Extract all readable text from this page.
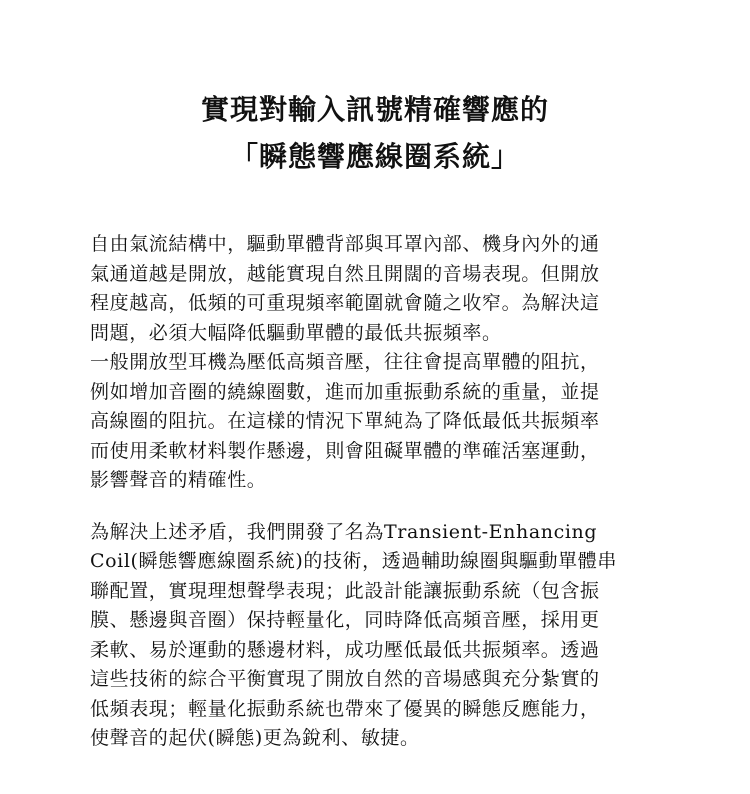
實現對輸入訊號精確響應的
「瞬態響應線圈系統」
自由氣流結構中，驅動單體背部與耳罩內部、機身內外的通
氣通道越是開放，越能實現自然且開闊的音場表現。但開放
程度越高，低頻的可重現頻率範圍就會隨之收窄。為解決這
問題，必須大幅降低驅動單體的最低共振頻率。
一般開放型耳機為壓低高頻音壓，往往會提高單體的阻抗，
例如增加音圈的繞線圈數，進而加重振動系統的重量，並提
高線圈的阻抗。在這樣的情況下單純為了降低最低共振頻率
而使用柔軟材料製作懸邊，則會阻礙單體的準確活塞運動，
影響聲音的精確性。
為解決上述矛盾，我們開發了名為Transient-Enhancing
Coil(瞬態響應線圈系統)的技術，透過輔助線圈與驅動單體串
聯配置，實現理想聲學表現；此設計能讓振動系統（包含振
膜、懸邊與音圈）保持輕量化，同時降低高頻音壓，採用更
柔軟、易於運動的懸邊材料，成功壓低最低共振頻率。透過
這些技術的綜合平衡實現了開放自然的音場感與充分紮實的
低頻表現；輕量化振動系統也帶來了優異的瞬態反應能力，
使聲音的起伏(瞬態)更為銳利、敏捷。
